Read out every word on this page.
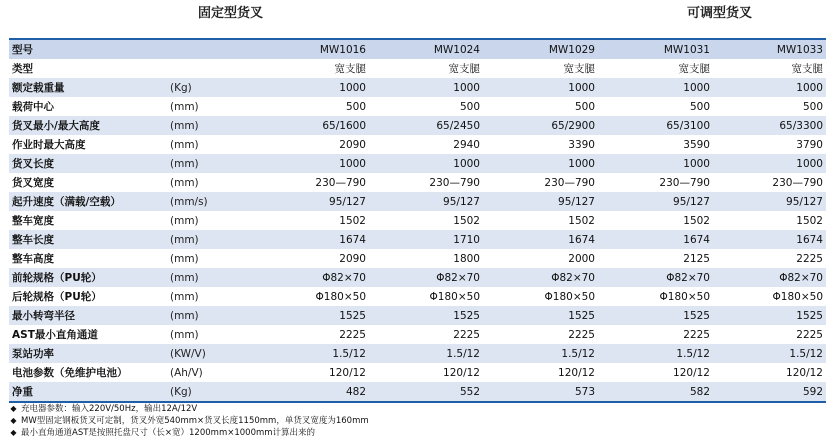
固定型货叉	可调型货叉
型号		MW1016	MW1024	MW1029	MW1031	MW1033
类型		宽支腿	宽支腿	宽支腿	宽支腿	宽支腿
额定载重量	(Kg)	1000	1000	1000	1000	1000
载荷中心	(mm)	500	500	500	500	500
货叉最小/最大高度	(mm)	65/1600	65/2450	65/2900	65/3100	65/3300
作业时最大高度	(mm)	2090	2940	3390	3590	3790
货叉长度	(mm)	1000	1000	1000	1000	1000
货叉宽度	(mm)	230—790	230—790	230—790	230—790	230—790
起升速度（满载/空载）	(mm/s)	95/127	95/127	95/127	95/127	95/127
整车宽度	(mm)	1502	1502	1502	1502	1502
整车长度	(mm)	1674	1710	1674	1674	1674
整车高度	(mm)	2090	1800	2000	2125	2225
前轮规格（PU轮）	(mm)	Φ82×70	Φ82×70	Φ82×70	Φ82×70	Φ82×70
后轮规格（PU轮）	(mm)	Φ180×50	Φ180×50	Φ180×50	Φ180×50	Φ180×50
最小转弯半径	(mm)	1525	1525	1525	1525	1525
AST最小直角通道	(mm)	2225	2225	2225	2225	2225
泵站功率	(KW/V)	1.5/12	1.5/12	1.5/12	1.5/12	1.5/12
电池参数（免维护电池）	(Ah/V)	120/12	120/12	120/12	120/12	120/12
净重	(Kg)	482	552	573	582	592
◆ 充电器参数：输入220V/50Hz，输出12A/12V
◆ MW型固定钢板货叉可定制，货叉外宽540mm×货叉长度1150mm，单货叉宽度为160mm
◆ 最小直角通道AST是按照托盘尺寸（长×宽）1200mm×1000mm计算出来的
